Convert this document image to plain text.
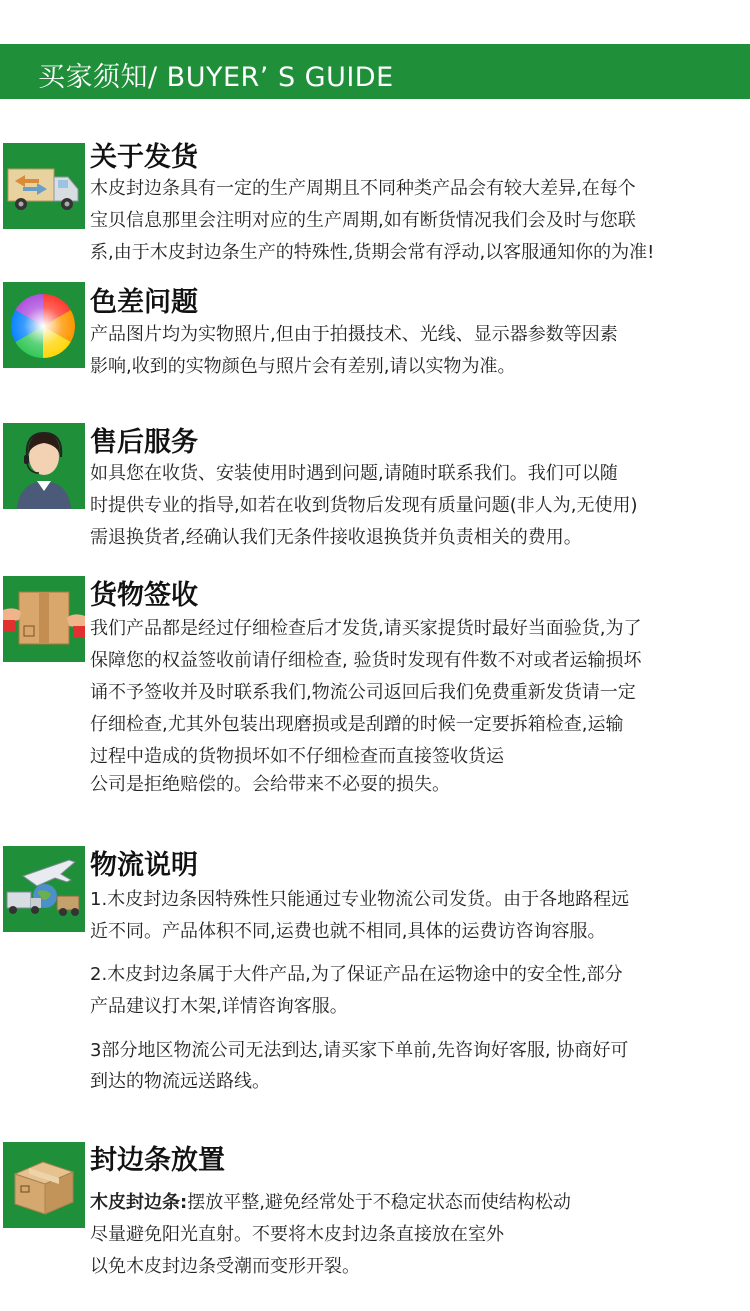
买家须知/ BUYER’ S GUIDE
关于发货
木皮封边条具有一定的生产周期且不同种类产品会有较大差异,在每个
宝贝信息那里会注明对应的生产周期,如有断货情况我们会及时与您联
系,由于木皮封边条生产的特殊性,货期会常有浮动,以客服通知你的为准!
色差问题
产品图片均为实物照片,但由于拍摄技术、光线、显示器参数等因素
影响,收到的实物颜色与照片会有差别,请以实物为准。
售后服务
如具您在收货、安装使用时遇到问题,请随时联系我们。我们可以随
时提供专业的指导,如若在收到货物后发现有质量问题(非人为,无使用)
需退换货者,经确认我们无条件接收退换货并负责相关的费用。
货物签收
我们产品都是经过仔细检查后才发货,请买家提货时最好当面验货,为了
保障您的权益签收前请仔细检查, 验货时发现有件数不对或者运输损坏
诵不予签收并及时联系我们,物流公司返回后我们免费重新发货请一定
仔细检查,尤其外包装出现磨损或是刮蹭的时候一定要拆箱检查,运输
过程中造成的货物损坏如不仔细检查而直接签收货运
公司是拒绝赔偿的。会给带来不必耍的损失。
物流说明
1.木皮封边条因特殊性只能通过专业物流公司发货。由于各地路程远
近不同。产品体积不同,运费也就不相同,具体的运费访咨询容服。
2.木皮封边条属于大件产品,为了保证产品在运物途中的安全性,部分
产品建议打木架,详情咨询客服。
3部分地区物流公司无法到达,请买家下单前,先咨询好客服, 协商好可
到达的物流远送路线。
封边条放置
木皮封边条:摆放平整,避免经常处于不稳定状态而使结构松动
尽量避免阳光直射。不要将木皮封边条直接放在室外
以免木皮封边条受潮而变形开裂。
